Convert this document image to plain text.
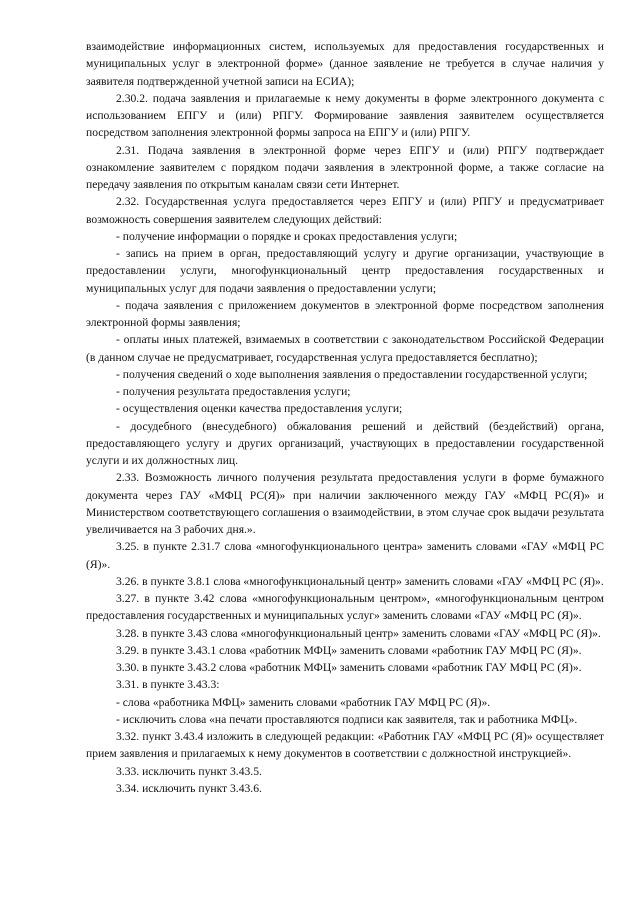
взаимодействие информационных систем, используемых для предоставления государственных и муниципальных услуг в электронной форме» (данное заявление не требуется в случае наличия у заявителя подтвержденной учетной записи на ЕСИА);

2.30.2. подача заявления и прилагаемые к нему документы в форме электронного документа с использованием ЕПГУ и (или) РПГУ. Формирование заявления заявителем осуществляется посредством заполнения электронной формы запроса на ЕПГУ и (или) РПГУ.

2.31. Подача заявления в электронной форме через ЕПГУ и (или) РПГУ подтверждает ознакомление заявителем с порядком подачи заявления в электронной форме, а также согласие на передачу заявления по открытым каналам связи сети Интернет.

2.32. Государственная услуга предоставляется через ЕПГУ и (или) РПГУ и предусматривает возможность совершения заявителем следующих действий:

- получение информации о порядке и сроках предоставления услуги;

- запись на прием в орган, предоставляющий услугу и другие организации, участвующие в предоставлении услуги, многофункциональный центр предоставления государственных и муниципальных услуг для подачи заявления о предоставлении услуги;

- подача заявления с приложением документов в электронной форме посредством заполнения электронной формы заявления;

- оплаты иных платежей, взимаемых в соответствии с законодательством Российской Федерации (в данном случае не предусматривает, государственная услуга предоставляется бесплатно);

- получения сведений о ходе выполнения заявления о предоставлении государственной услуги;

- получения результата предоставления услуги;

- осуществления оценки качества предоставления услуги;

- досудебного (внесудебного) обжалования решений и действий (бездействий) органа, предоставляющего услугу и других организаций, участвующих в предоставлении государственной услуги и их должностных лиц.

2.33. Возможность личного получения результата предоставления услуги в форме бумажного документа через ГАУ «МФЦ РС(Я)» при наличии заключенного между ГАУ «МФЦ РС(Я)» и Министерством соответствующего соглашения о взаимодействии, в этом случае срок выдачи результата увеличивается на 3 рабочих дня.».

3.25. в пункте 2.31.7 слова «многофункционального центра» заменить словами «ГАУ «МФЦ РС (Я)».

3.26. в пункте 3.8.1 слова «многофункциональный центр» заменить словами «ГАУ «МФЦ РС (Я)».

3.27. в пункте 3.42 слова «многофункциональным центром», «многофункциональным центром предоставления государственных и муниципальных услуг» заменить словами «ГАУ «МФЦ РС (Я)».

3.28. в пункте 3.43 слова «многофункциональный центр» заменить словами «ГАУ «МФЦ РС (Я)».

3.29. в пункте 3.43.1 слова «работник МФЦ» заменить словами «работник ГАУ МФЦ РС (Я)».

3.30. в пункте 3.43.2 слова «работник МФЦ» заменить словами «работник ГАУ МФЦ РС (Я)».

3.31. в пункте 3.43.3:

- слова «работника МФЦ» заменить словами «работник ГАУ МФЦ РС (Я)».

- исключить слова «на печати проставляются подписи как заявителя, так и работника МФЦ».

3.32. пункт 3.43.4 изложить в следующей редакции: «Работник ГАУ «МФЦ РС (Я)» осуществляет прием заявления и прилагаемых к нему документов в соответствии с должностной инструкцией».

3.33. исключить пункт 3.43.5.

3.34. исключить пункт 3.43.6.
